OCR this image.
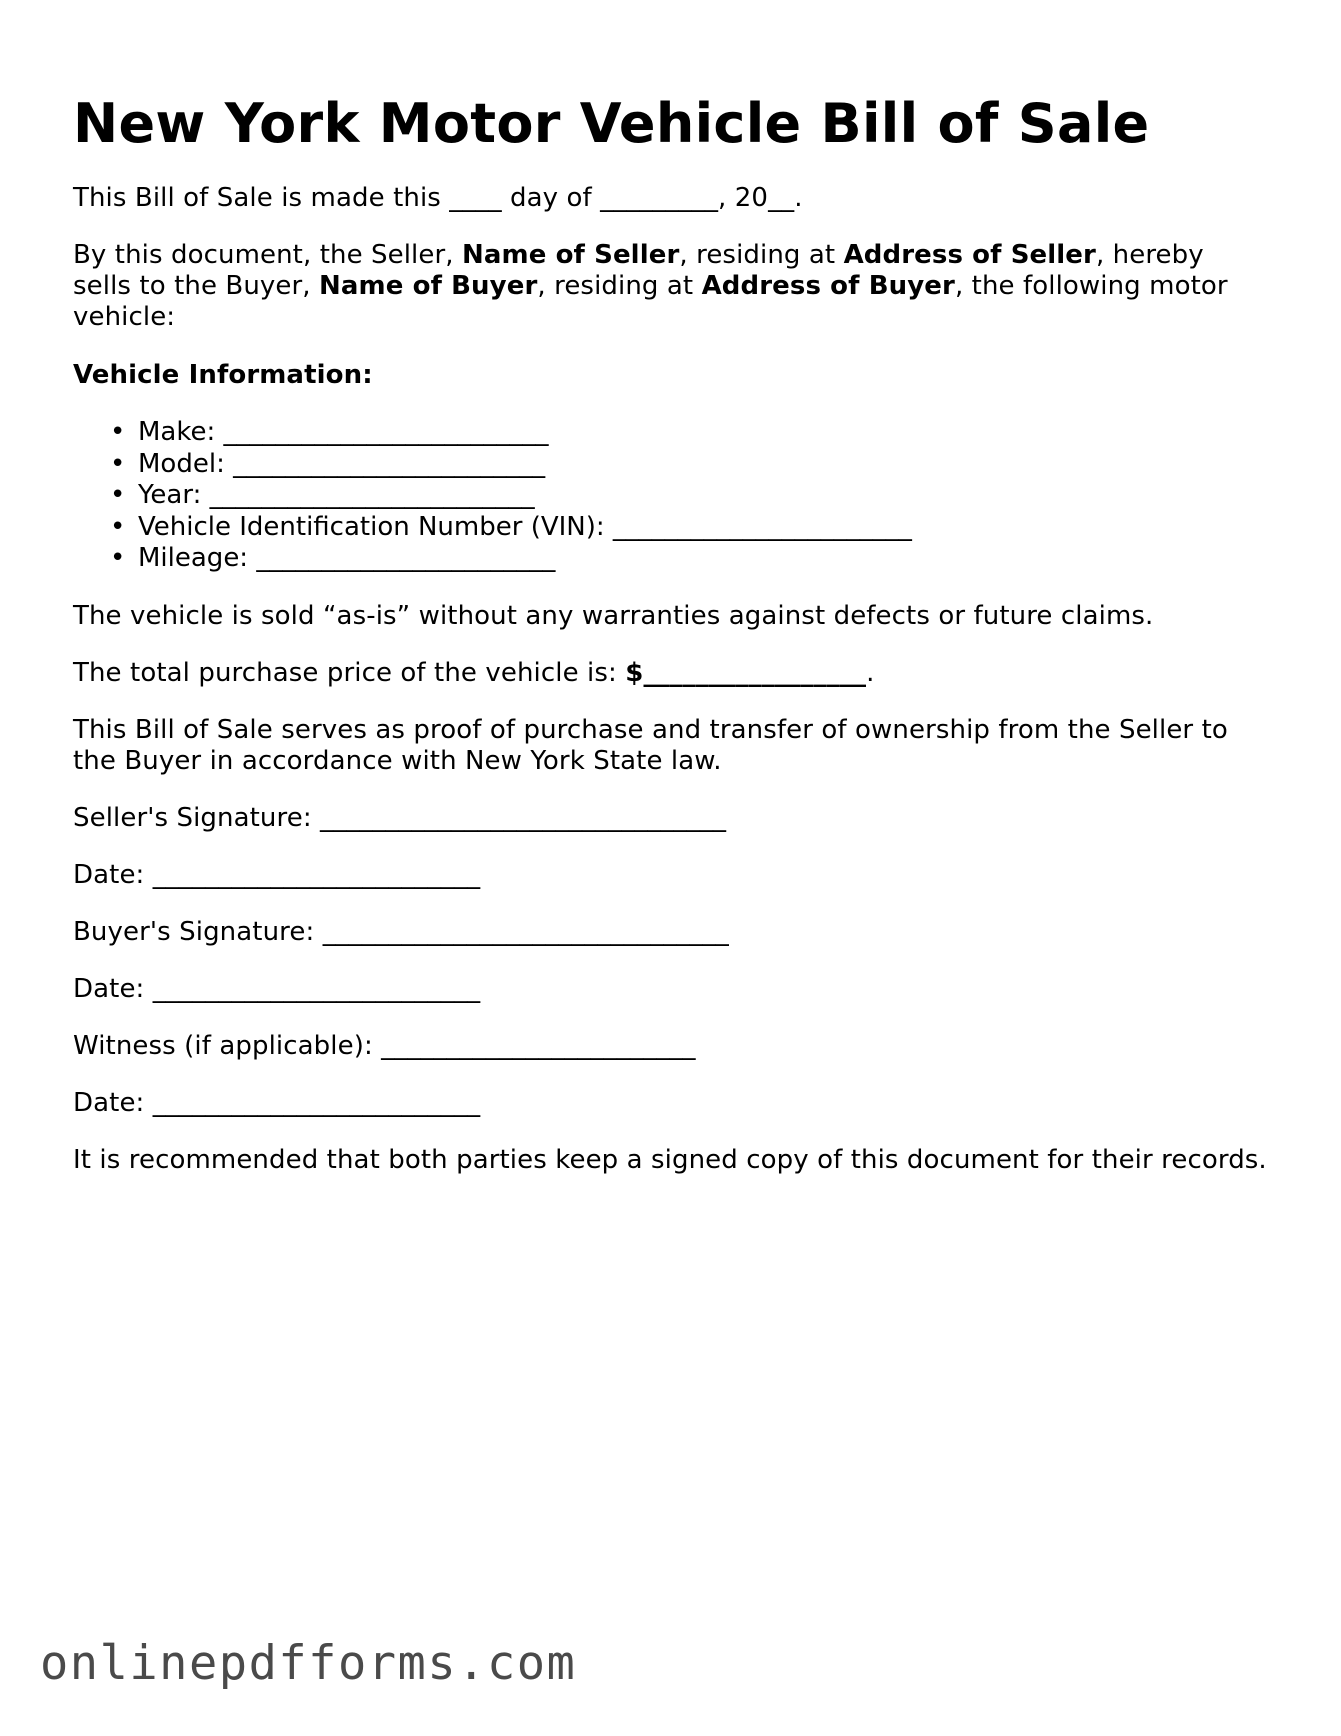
New York Motor Vehicle Bill of Sale

This Bill of Sale is made this ____ day of _________, 20__.

By this document, the Seller, Name of Seller, residing at Address of Seller, hereby sells to the Buyer, Name of Buyer, residing at Address of Buyer, the following motor vehicle:

Vehicle Information:

• Make: _________________________
• Model: ________________________
• Year: _________________________
• Vehicle Identification Number (VIN): _______________________
• Mileage: _______________________

The vehicle is sold “as-is” without any warranties against defects or future claims.

The total purchase price of the vehicle is: $_________________.

This Bill of Sale serves as proof of purchase and transfer of ownership from the Seller to the Buyer in accordance with New York State law.

Seller's Signature: _______________________________

Date: _________________________

Buyer's Signature: _______________________________

Date: _________________________

Witness (if applicable): ________________________

Date: _________________________

It is recommended that both parties keep a signed copy of this document for their records.

onlinepdfforms.com
